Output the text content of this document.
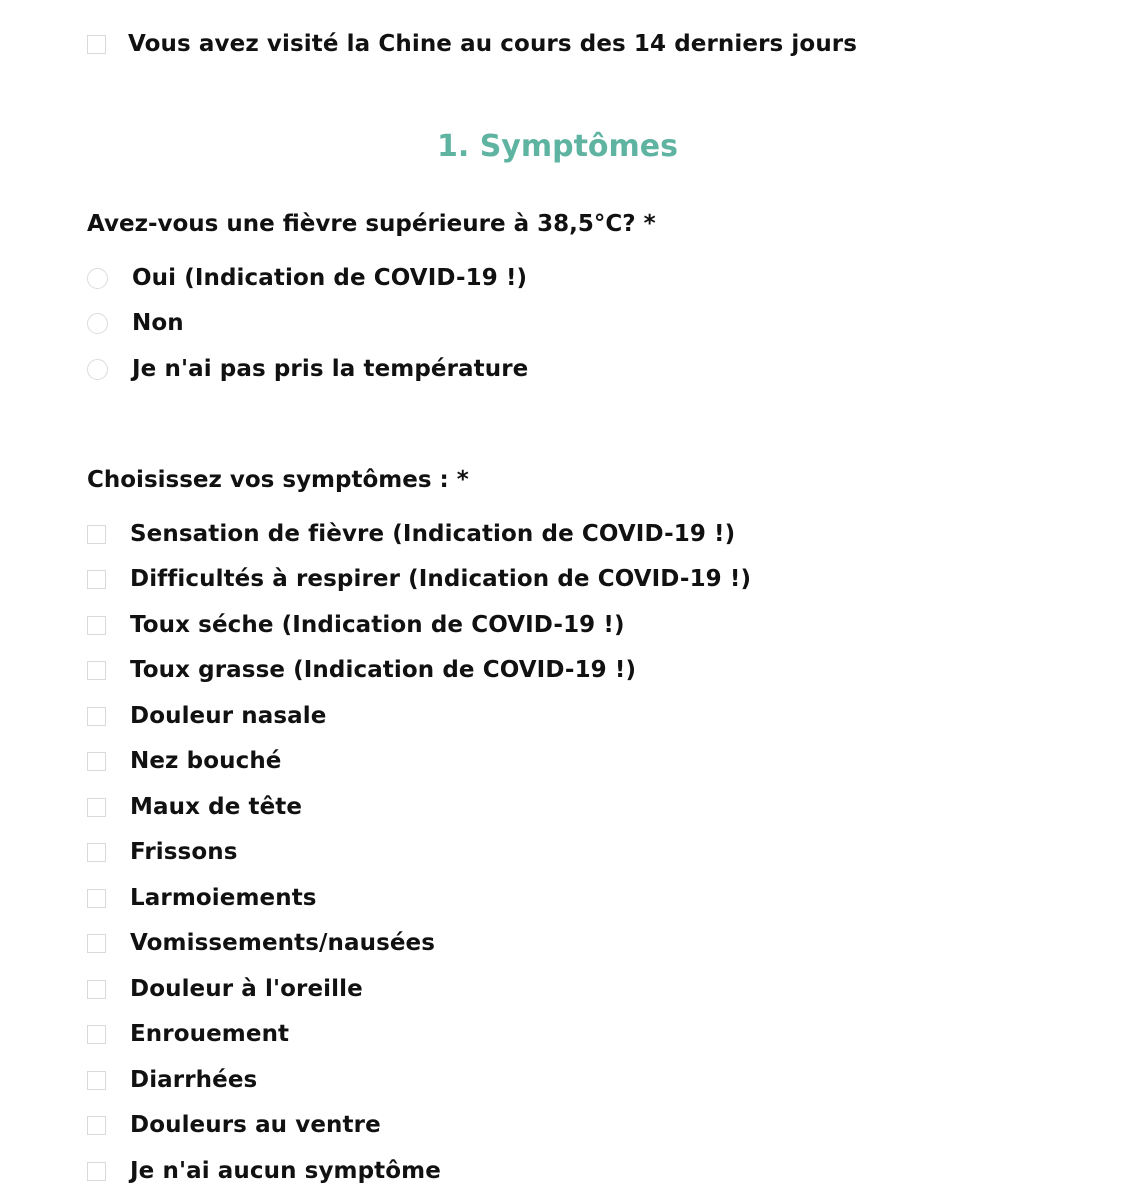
Vous avez visité la Chine au cours des 14 derniers jours
1. Symptômes

Avez-vous une fièvre supérieure à 38,5°C? *

Oui (Indication de COVID-19 !)
Non
Je n'ai pas pris la température

Choisissez vos symptômes : *

Sensation de fièvre (Indication de COVID-19 !)
Difficultés à respirer (Indication de COVID-19 !)
Toux séche (Indication de COVID-19 !)
Toux grasse (Indication de COVID-19 !)
Douleur nasale
Nez bouché
Maux de tête
Frissons
Larmoiements
Vomissements/nausées
Douleur à l'oreille
Enrouement
Diarrhées
Douleurs au ventre
Je n'ai aucun symptôme
